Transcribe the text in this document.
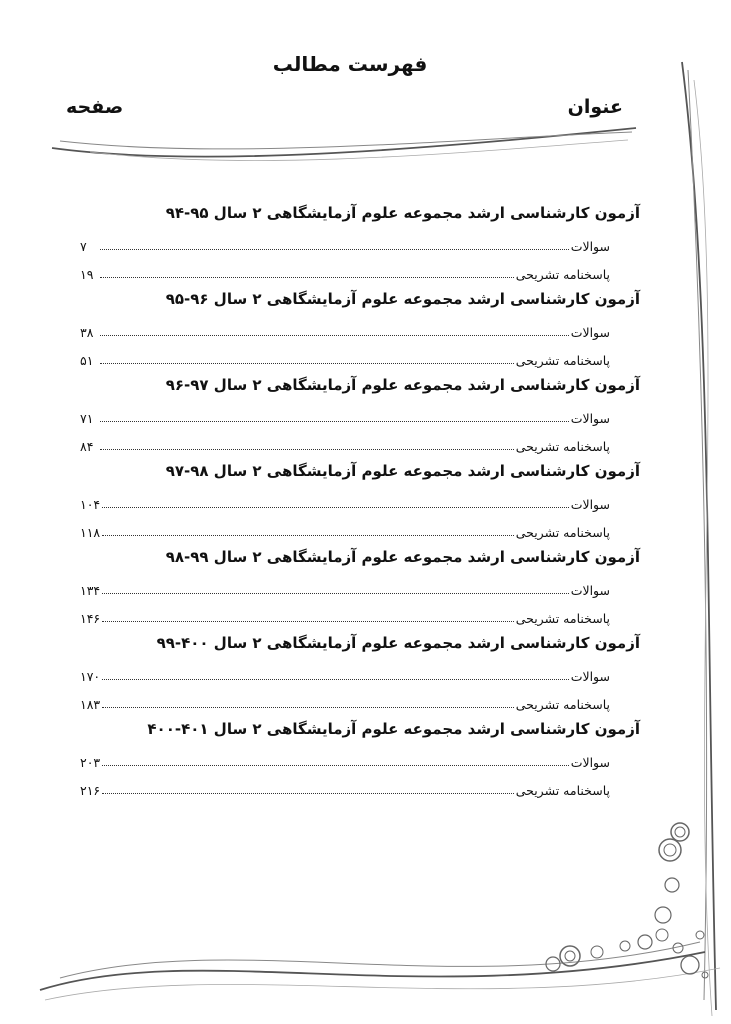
فهرست مطالب
عنوان
صفحه
آزمون کارشناسی ارشد مجموعه علوم آزمایشگاهی ۲ سال ۹۵-۹۴
سوالات
۷
پاسخنامه تشریحی
۱۹
آزمون کارشناسی ارشد مجموعه علوم آزمایشگاهی ۲ سال ۹۶-۹۵
سوالات
۳۸
پاسخنامه تشریحی
۵۱
آزمون کارشناسی ارشد مجموعه علوم آزمایشگاهی ۲ سال ۹۷-۹۶
سوالات
۷۱
پاسخنامه تشریحی
۸۴
آزمون کارشناسی ارشد مجموعه علوم آزمایشگاهی ۲ سال ۹۸-۹۷
سوالات
۱۰۴
پاسخنامه تشریحی
۱۱۸
آزمون کارشناسی ارشد مجموعه علوم آزمایشگاهی ۲ سال ۹۹-۹۸
سوالات
۱۳۴
پاسخنامه تشریحی
۱۴۶
آزمون کارشناسی ارشد مجموعه علوم آزمایشگاهی ۲ سال ۴۰۰-۹۹
سوالات
۱۷۰
پاسخنامه تشریحی
۱۸۳
آزمون کارشناسی ارشد مجموعه علوم آزمایشگاهی ۲ سال ۴۰۱-۴۰۰
سوالات
۲۰۳
پاسخنامه تشریحی
۲۱۶
